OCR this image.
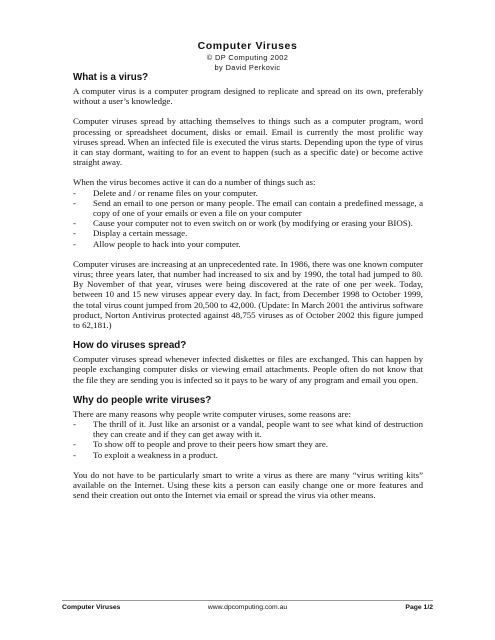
Computer Viruses
© DP Computing 2002
by David Perkovic
What is a virus?

A computer virus is a computer program designed to replicate and spread on its own, preferably without a user’s knowledge.

Computer viruses spread by attaching themselves to things such as a computer program, word processing or spreadsheet document, disks or email. Email is currently the most prolific way viruses spread. When an infected file is executed the virus starts. Depending upon the type of virus it can stay dormant, waiting to for an event to happen (such as a specific date) or become active straight away.

When the virus becomes active it can do a number of things such as:

- Delete and / or rename files on your computer.
- Send an email to one person or many people. The email can contain a predefined message, a copy of one of your emails or even a file on your computer
- Cause your computer not to even switch on or work (by modifying or erasing your BIOS).
- Display a certain message.
- Allow people to hack into your computer.

Computer viruses are increasing at an unprecedented rate. In 1986, there was one known computer virus; three years later, that number had increased to six and by 1990, the total had jumped to 80. By November of that year, viruses were being discovered at the rate of one per week. Today, between 10 and 15 new viruses appear every day. In fact, from December 1998 to October 1999, the total virus count jumped from 20,500 to 42,000. (Update: In March 2001 the antivirus software product, Norton Antivirus protected against 48,755 viruses as of October 2002 this figure jumped to 62,181.)

How do viruses spread?

Computer viruses spread whenever infected diskettes or files are exchanged. This can happen by people exchanging computer disks or viewing email attachments. People often do not know that the file they are sending you is infected so it pays to be wary of any program and email you open.

Why do people write viruses?

There are many reasons why people write computer viruses, some reasons are:

- The thrill of it. Just like an arsonist or a vandal, people want to see what kind of destruction they can create and if they can get away with it.
- To show off to people and prove to their peers how smart they are.
- To exploit a weakness in a product.

You do not have to be particularly smart to write a virus as there are many “virus writing kits” available on the Internet. Using these kits a person can easily change one or more features and send their creation out onto the Internet via email or spread the virus via other means.

Computer Viruses	www.dpcomputing.com.au	Page 1/2
